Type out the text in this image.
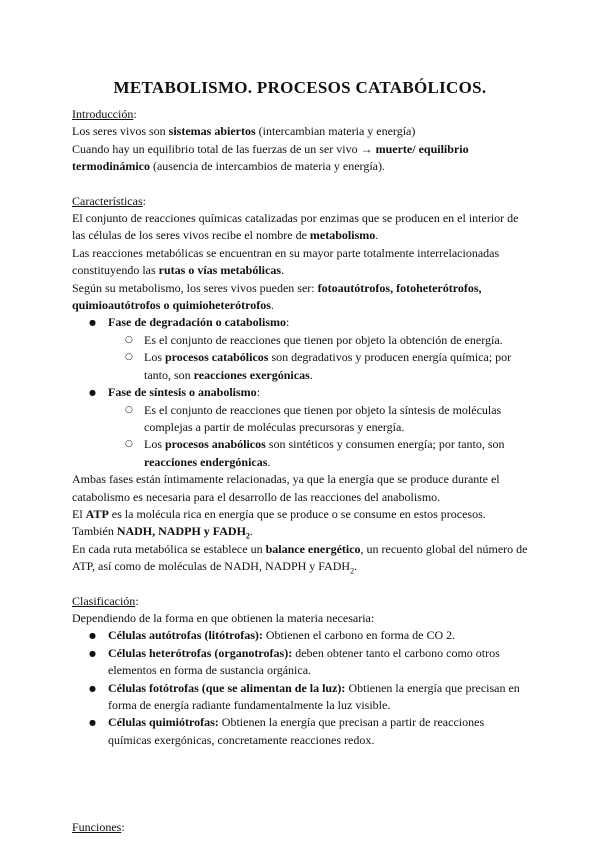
METABOLISMO. PROCESOS CATABÓLICOS.

Introducción:

Los seres vivos son sistemas abiertos (intercambian materia y energía)

Cuando hay un equilibrio total de las fuerzas de un ser vivo → muerte/ equilibrio termodinámico (ausencia de intercambios de materia y energía).

Características:

El conjunto de reacciones químicas catalizadas por enzimas que se producen en el interior de las células de los seres vivos recibe el nombre de metabolismo.

Las reacciones metabólicas se encuentran en su mayor parte totalmente interrelacionadas constituyendo las rutas o vías metabólicas.

Según su metabolismo, los seres vivos pueden ser: fotoautótrofos, fotoheterótrofos, quimioautótrofos o quimioheterótrofos.

● Fase de degradación o catabolismo:
○ Es el conjunto de reacciones que tienen por objeto la obtención de energía.
○ Los procesos catabólicos son degradativos y producen energía química; por tanto, son reacciones exergónicas.
● Fase de síntesis o anabolismo:
○ Es el conjunto de reacciones que tienen por objeto la síntesis de moléculas complejas a partir de moléculas precursoras y energía.
○ Los procesos anabólicos son sintéticos y consumen energía; por tanto, son reacciones endergónicas.

Ambas fases están íntimamente relacionadas, ya que la energía que se produce durante el catabolismo es necesaria para el desarrollo de las reacciones del anabolismo.

El ATP es la molécula rica en energía que se produce o se consume en estos procesos.

También NADH, NADPH y $FADH_2$.

En cada ruta metabólica se establece un balance energético, un recuento global del número de ATP, así como de moléculas de NADH, NADPH y $FADH_2$.

Clasificación:

Dependiendo de la forma en que obtienen la materia necesaria:

● Células autótrofas (litótrofas): Obtienen el carbono en forma de CO 2.
● Células heterótrofas (organotrofas): deben obtener tanto el carbono como otros elementos en forma de sustancia orgánica.
● Células fotótrofas (que se alimentan de la luz): Obtienen la energía que precisan en forma de energía radiante fundamentalmente la luz visible.
● Células quimiótrofas: Obtienen la energía que precisan a partir de reacciones químicas exergónicas, concretamente reacciones redox.

Funciones:
